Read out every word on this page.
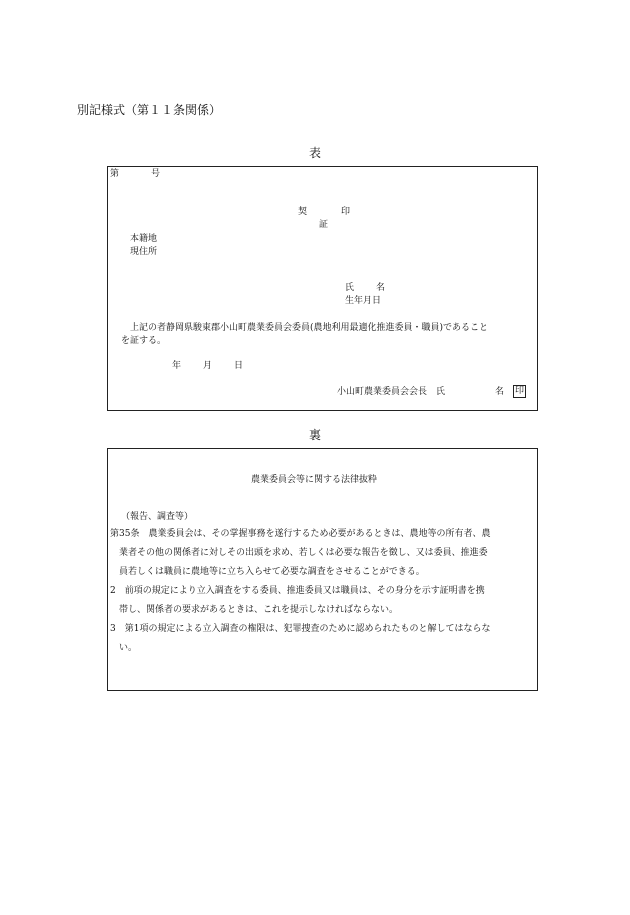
別記様式（第１１条関係）
表
第	号
契	印
証
本籍地
現住所
氏 名
生年月日
上記の者静岡県駿東郡小山町農業委員会委員(農地利用最適化推進委員・職員)であること
を証する。
年 月 日
小山町農業委員会会長　氏	名 印
裏
農業委員会等に関する法律抜粋
（報告、調査等）
第35条　農業委員会は、その掌握事務を遂行するため必要があるときは、農地等の所有者、農
業者その他の関係者に対しその出頭を求め、若しくは必要な報告を徴し、又は委員、推進委
員若しくは職員に農地等に立ち入らせて必要な調査をさせることができる。
2　前項の規定により立入調査をする委員、推進委員又は職員は、その身分を示す証明書を携
帯し、関係者の要求があるときは、これを提示しなければならない。
3　第1項の規定による立入調査の権限は、犯罪捜査のために認められたものと解してはならな
い。
